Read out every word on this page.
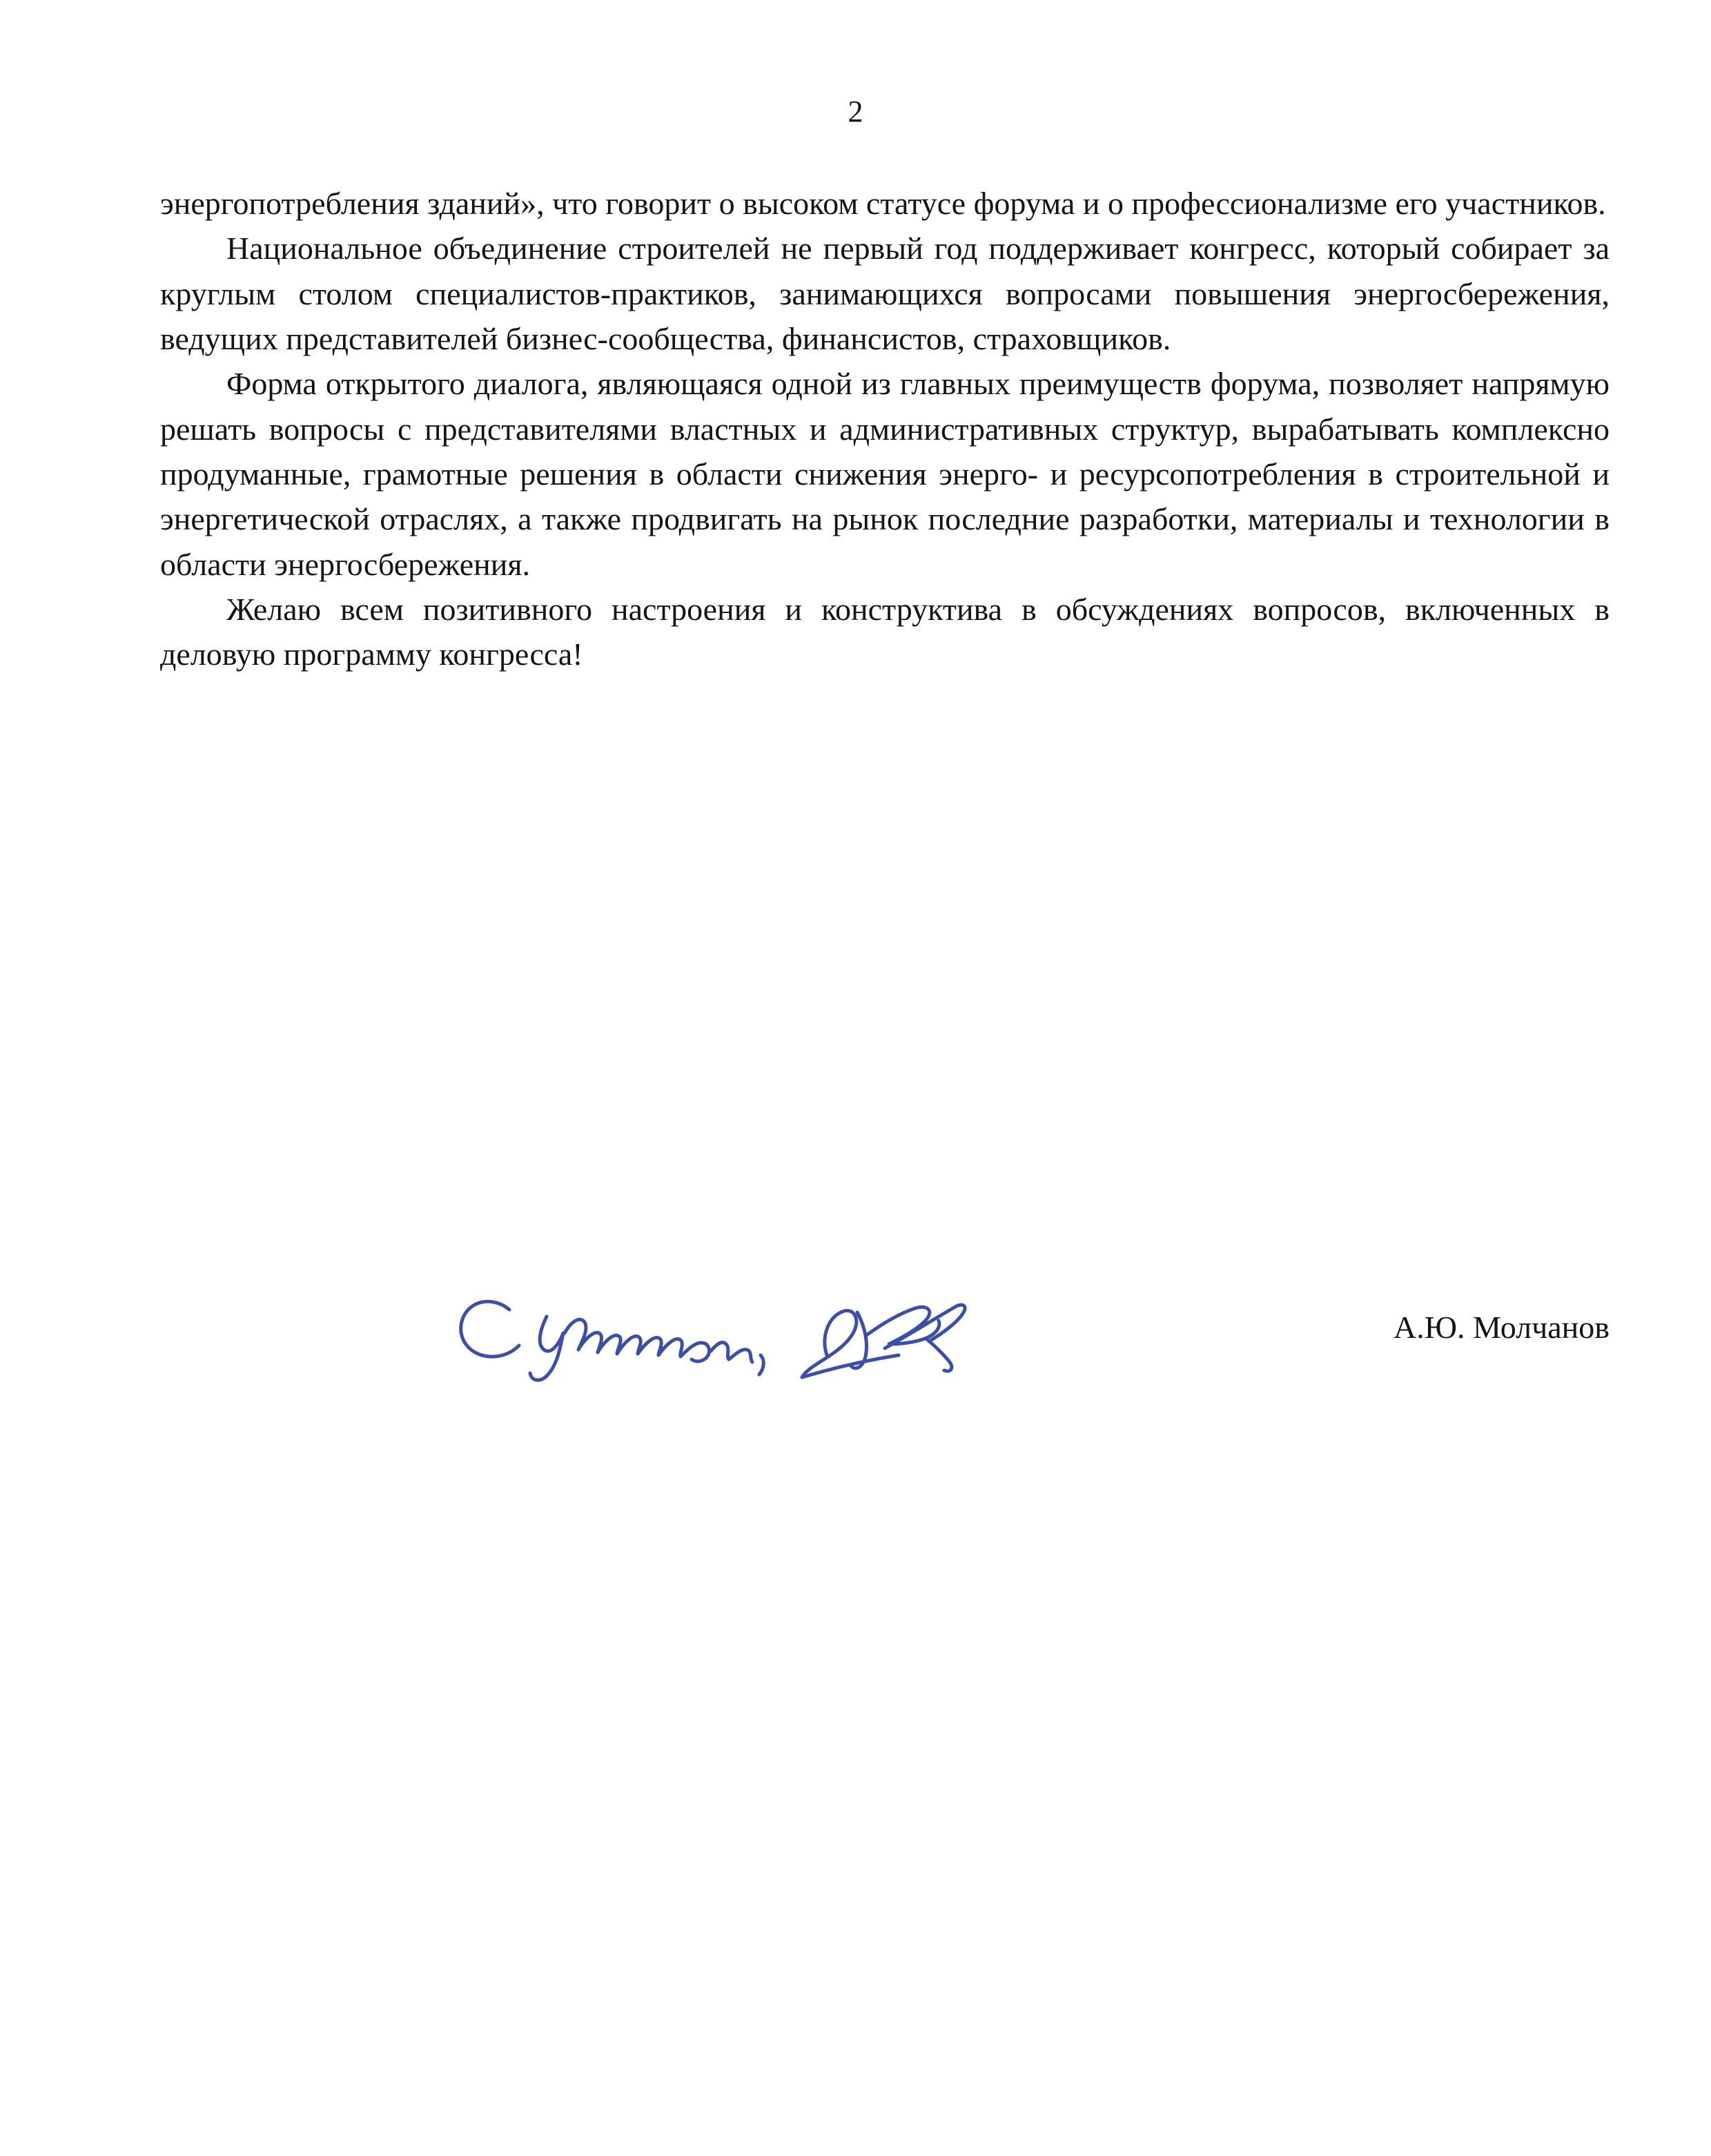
2

энергопотребления зданий», что говорит о высоком статусе форума и о профессионализме его участников.

Национальное объединение строителей не первый год поддерживает конгресс, который собирает за круглым столом специалистов-практиков, занимающихся вопросами повышения энергосбережения, ведущих представителей бизнес-сообщества, финансистов, страховщиков.

Форма открытого диалога, являющаяся одной из главных преимуществ форума, позволяет напрямую решать вопросы с представителями властных и административных структур, вырабатывать комплексно продуманные, грамотные решения в области снижения энерго- и ресурсопотребления в строительной и энергетической отраслях, а также продвигать на рынок последние разработки, материалы и технологии в области энергосбережения.

Желаю всем позитивного настроения и конструктива в обсуждениях вопросов, включенных в деловую программу конгресса!

А.Ю. Молчанов
